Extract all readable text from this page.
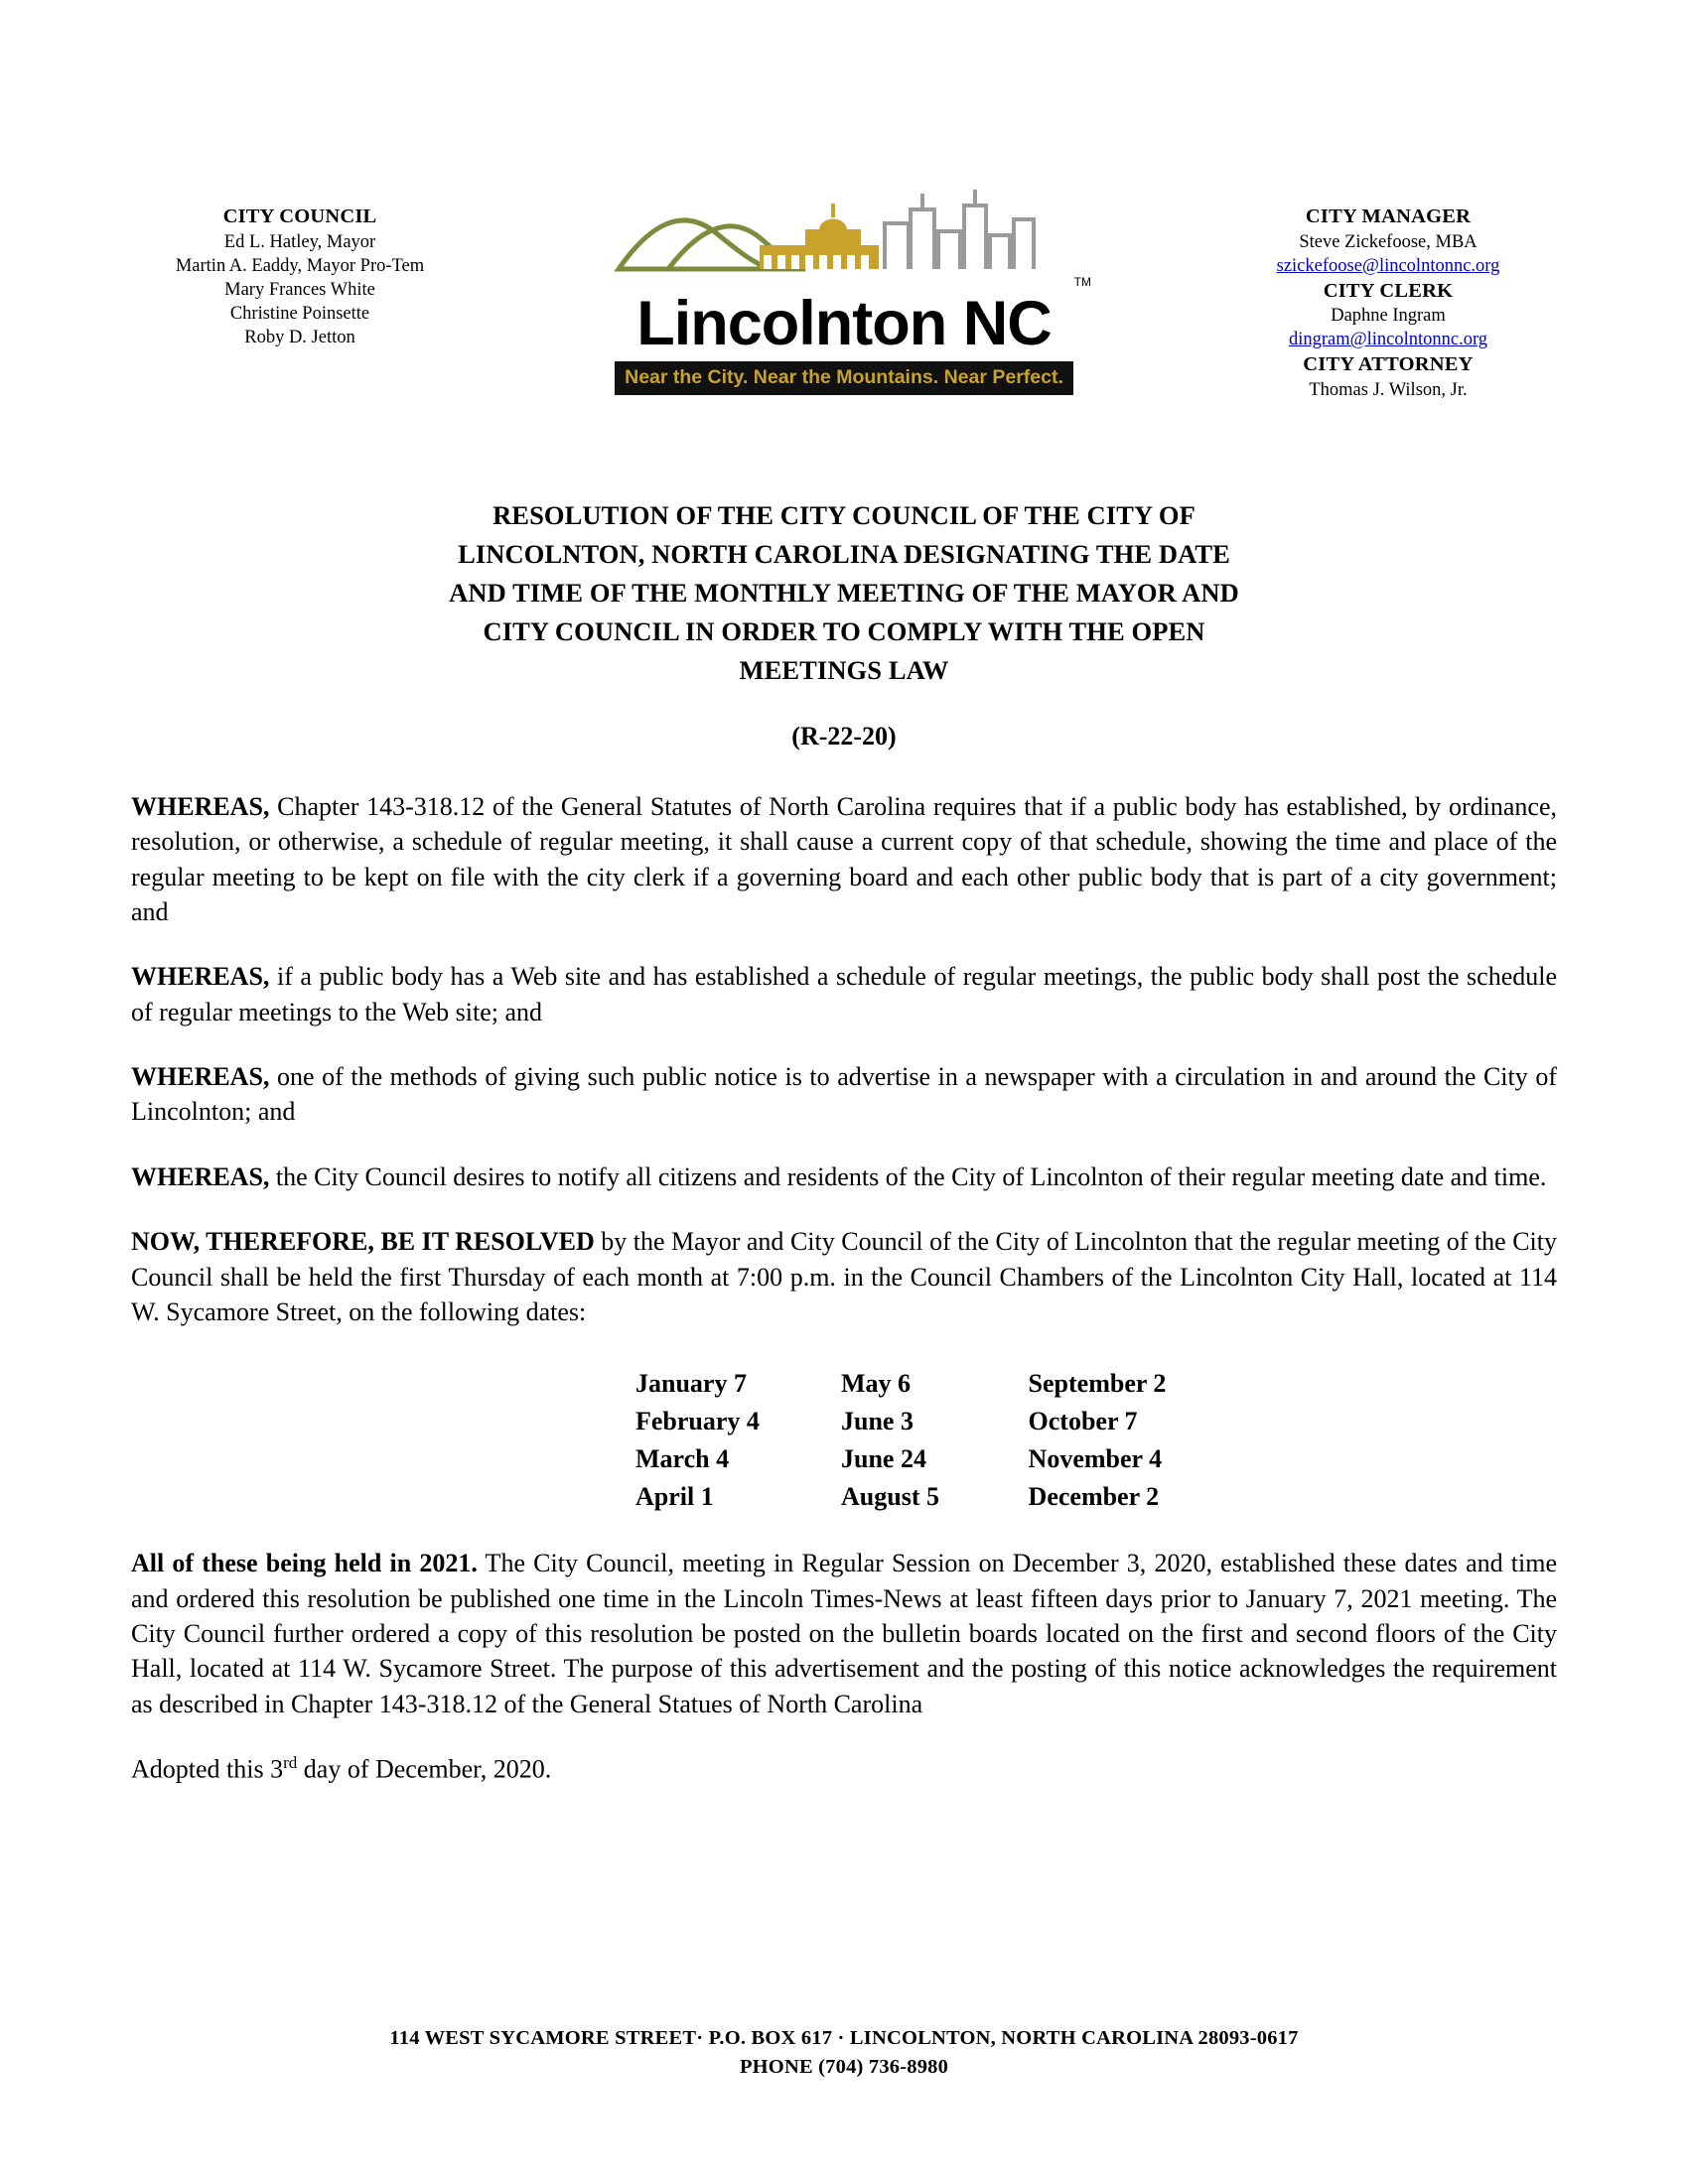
CITY COUNCIL
Ed L. Hatley, Mayor
Martin A. Eaddy, Mayor Pro-Tem
Mary Frances White
Christine Poinsette
Roby D. Jetton
TM
Lincolnton NC
Near the City. Near the Mountains. Near Perfect.
CITY MANAGER
Steve Zickefoose, MBA
szickefoose@lincolntonnc.org
CITY CLERK
Daphne Ingram
dingram@lincolntonnc.org
CITY ATTORNEY
Thomas J. Wilson, Jr.
RESOLUTION OF THE CITY COUNCIL OF THE CITY OF
LINCOLNTON, NORTH CAROLINA DESIGNATING THE DATE
AND TIME OF THE MONTHLY MEETING OF THE MAYOR AND
CITY COUNCIL IN ORDER TO COMPLY WITH THE OPEN
MEETINGS LAW
(R-22-20)

WHEREAS, Chapter 143-318.12 of the General Statutes of North Carolina requires that if a public body has established, by ordinance, resolution, or otherwise, a schedule of regular meeting, it shall cause a current copy of that schedule, showing the time and place of the regular meeting to be kept on file with the city clerk if a governing board and each other public body that is part of a city government; and

WHEREAS, if a public body has a Web site and has established a schedule of regular meetings, the public body shall post the schedule of regular meetings to the Web site; and

WHEREAS, one of the methods of giving such public notice is to advertise in a newspaper with a circulation in and around the City of Lincolnton; and

WHEREAS, the City Council desires to notify all citizens and residents of the City of Lincolnton of their regular meeting date and time.

NOW, THEREFORE, BE IT RESOLVED by the Mayor and City Council of the City of Lincolnton that the regular meeting of the City Council shall be held the first Thursday of each month at 7:00 p.m. in the Council Chambers of the Lincolnton City Hall, located at 114 W. Sycamore Street, on the following dates:

January 7	May 6	September 2
February 4	June 3	October 7
March 4	June 24	November 4
April 1	August 5	December 2

All of these being held in 2021. The City Council, meeting in Regular Session on December 3, 2020, established these dates and time and ordered this resolution be published one time in the Lincoln Times-News at least fifteen days prior to January 7, 2021 meeting. The City Council further ordered a copy of this resolution be posted on the bulletin boards located on the first and second floors of the City Hall, located at 114 W. Sycamore Street. The purpose of this advertisement and the posting of this notice acknowledges the requirement as described in Chapter 143-318.12 of the General Statues of North Carolina

Adopted this 3rd day of December, 2020.

114 WEST SYCAMORE STREET· P.O. BOX 617 · LINCOLNTON, NORTH CAROLINA 28093-0617
PHONE (704) 736-8980
